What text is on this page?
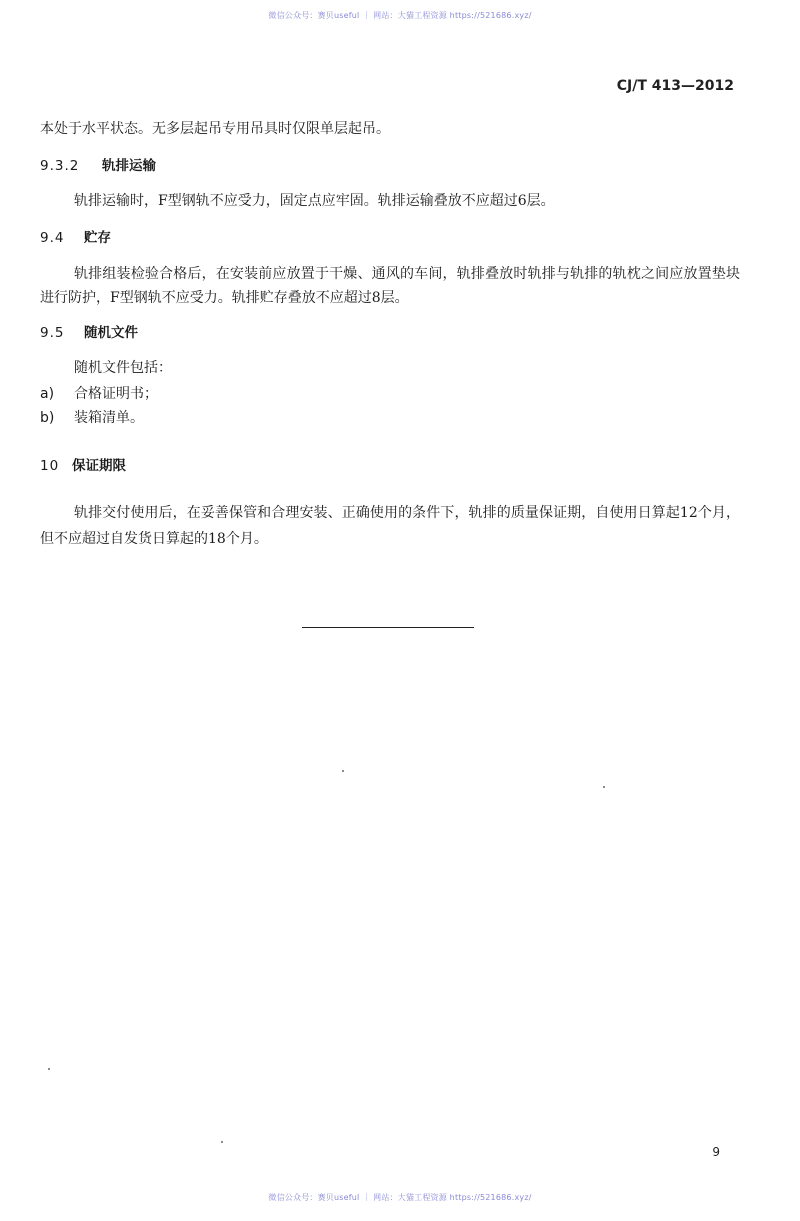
微信公众号：赛贝useful ｜ 网站：大猫工程资源 https://521686.xyz/
CJ/T 413—2012
本处于水平状态。无多层起吊专用吊具时仅限单层起吊。
9.3.2 轨排运输
轨排运输时，F型钢轨不应受力，固定点应牢固。轨排运输叠放不应超过6层。
9.4 贮存
轨排组装检验合格后，在安装前应放置于干燥、通风的车间，轨排叠放时轨排与轨排的轨枕之间应放置垫块进行防护，F型钢轨不应受力。轨排贮存叠放不应超过8层。
9.5 随机文件
随机文件包括：
a) 合格证明书；
b) 装箱清单。
10 保证期限
轨排交付使用后，在妥善保管和合理安装、正确使用的条件下，轨排的质量保证期，自使用日算起12个月，但不应超过自发货日算起的18个月。
9
微信公众号：赛贝useful ｜ 网站：大猫工程资源 https://521686.xyz/
